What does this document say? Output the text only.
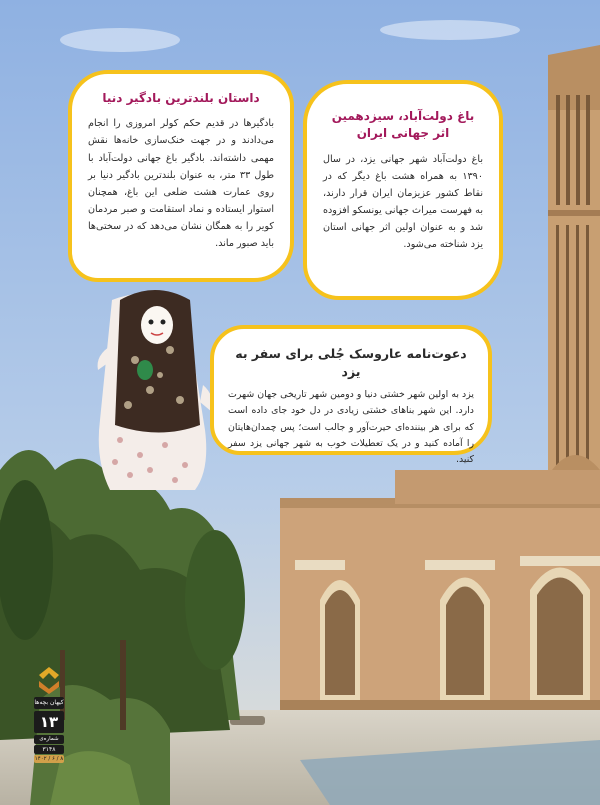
داستان بلندترین بادگیر دنیا

بادگیرها در قدیم حکم کولر امروزی را انجام می‌دادند و در جهت خنک‌سازی خانه‌ها نقش مهمی داشته‌اند. بادگیر باغ جهانی دولت‌آباد با طول ۳۳ متر، به عنوان بلندترین بادگیر دنیا بر روی عمارت هشت ضلعی این باغ، همچنان استوار ایستاده و نماد استقامت و صبر مردمان کویر را به همگان نشان می‌دهد که در سختی‌ها باید صبور ماند.

باغ دولت‌آباد، سیزدهمین اثر جهانی ایران

باغ دولت‌آباد شهر جهانی یزد، در سال ۱۳۹۰ به همراه هشت باغ دیگر که در نقاط کشور عزیزمان ایران قرار دارند، به فهرست میراث جهانی یونسکو افزوده شد و به عنوان اولین اثر جهانی استان یزد شناخته می‌شود.

دعوت‌نامه عاروسک جُلی برای سفر به یزد

یزد به اولین شهر خشتی دنیا و دومین شهر تاریخی جهان شهرت دارد. این شهر بناهای خشتی زیادی در دل خود جای داده است که برای هر بیننده‌ای حیرت‌آور و جالب است؛ پس چمدان‌هایتان را آماده کنید و در یک تعطیلات خوب به شهر جهانی یزد سفر کنید.

کیهان بچه‌ها
۱۳
شماره‌ی
۳۱۴۸
۱۴۰۲ / ۶ / ۸
